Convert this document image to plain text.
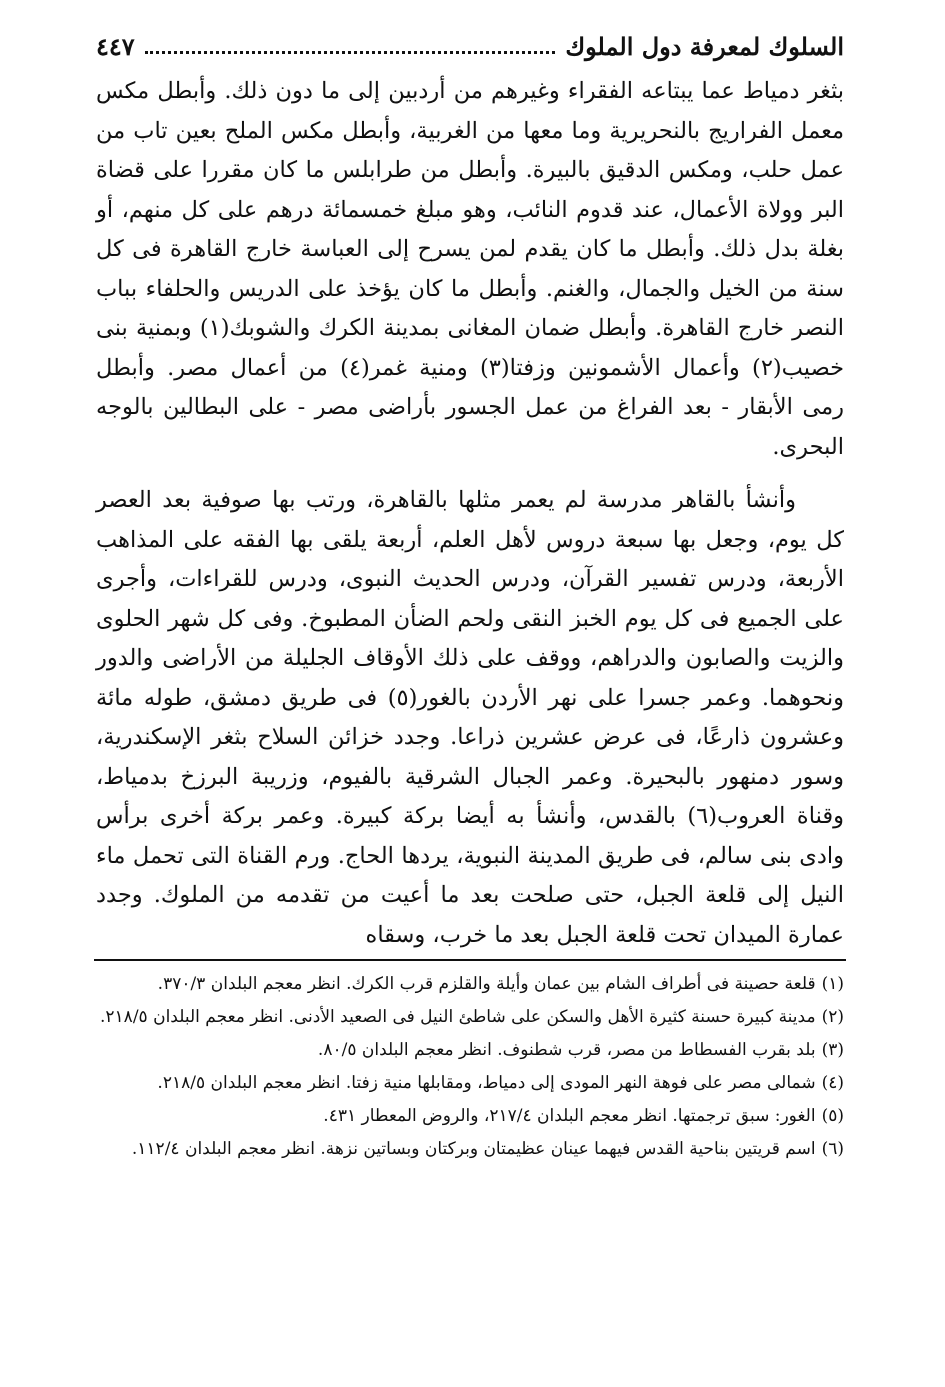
السلوك لمعرفة دول الملوك
٤٤٧

بثغر دمياط عما يبتاعه الفقراء وغيرهم من أردبين إلى ما دون ذلك. وأبطل مكس معمل الفراريج بالنحريرية وما معها من الغربية، وأبطل مكس الملح بعين تاب من عمل حلب، ومكس الدقيق بالبيرة. وأبطل من طرابلس ما كان مقررا على قضاة البر وولاة الأعمال، عند قدوم النائب، وهو مبلغ خمسمائة درهم على كل منهم، أو بغلة بدل ذلك. وأبطل ما كان يقدم لمن يسرح إلى العباسة خارج القاهرة فى كل سنة من الخيل والجمال، والغنم. وأبطل ما كان يؤخذ على الدريس والحلفاء بباب النصر خارج القاهرة. وأبطل ضمان المغانى بمدينة الكرك والشوبك(١) وبمنية بنى خصيب(٢) وأعمال الأشمونين وزفتا(٣) ومنية غمر(٤) من أعمال مصر. وأبطل رمى الأبقار - بعد الفراغ من عمل الجسور بأراضى مصر - على البطالين بالوجه البحرى.

وأنشأ بالقاهر مدرسة لم يعمر مثلها بالقاهرة، ورتب بها صوفية بعد العصر كل يوم، وجعل بها سبعة دروس لأهل العلم، أربعة يلقى بها الفقه على المذاهب الأربعة، ودرس تفسير القرآن، ودرس الحديث النبوى، ودرس للقراءات، وأجرى على الجميع فى كل يوم الخبز النقى ولحم الضأن المطبوخ. وفى كل شهر الحلوى والزيت والصابون والدراهم، ووقف على ذلك الأوقاف الجليلة من الأراضى والدور ونحوهما. وعمر جسرا على نهر الأردن بالغور(٥) فى طريق دمشق، طوله مائة وعشرون ذارعًا، فى عرض عشرين ذراعا. وجدد خزائن السلاح بثغر الإسكندرية، وسور دمنهور بالبحيرة. وعمر الجبال الشرقية بالفيوم، وزريبة البرزخ بدمياط، وقناة العروب(٦) بالقدس، وأنشأ به أيضا بركة كبيرة. وعمر بركة أخرى برأس وادى بنى سالم، فى طريق المدينة النبوية، يردها الحاج. ورم القناة التى تحمل ماء النيل إلى قلعة الجبل، حتى صلحت بعد ما أعيت من تقدمه من الملوك. وجدد عمارة الميدان تحت قلعة الجبل بعد ما خرب، وسقاه

(١)قلعة حصينة فى أطراف الشام بين عمان وأيلة والقلزم قرب الكرك. انظر معجم البلدان ٣٧٠/٣.

(٢)مدينة كبيرة حسنة كثيرة الأهل والسكن على شاطئ النيل فى الصعيد الأدنى. انظر معجم البلدان ٢١٨/٥.

(٣)بلد بقرب الفسطاط من مصر، قرب شطنوف. انظر معجم البلدان ٨٠/٥.

(٤)شمالى مصر على فوهة النهر المودى إلى دمياط، ومقابلها منية زفتا. انظر معجم البلدان ٢١٨/٥.

(٥)الغور: سبق ترجمتها. انظر معجم البلدان ٢١٧/٤، والروض المعطار ٤٣١.

(٦)اسم قريتين بناحية القدس فيهما عينان عظيمتان وبركتان وبساتين نزهة. انظر معجم البلدان ١١٢/٤.
